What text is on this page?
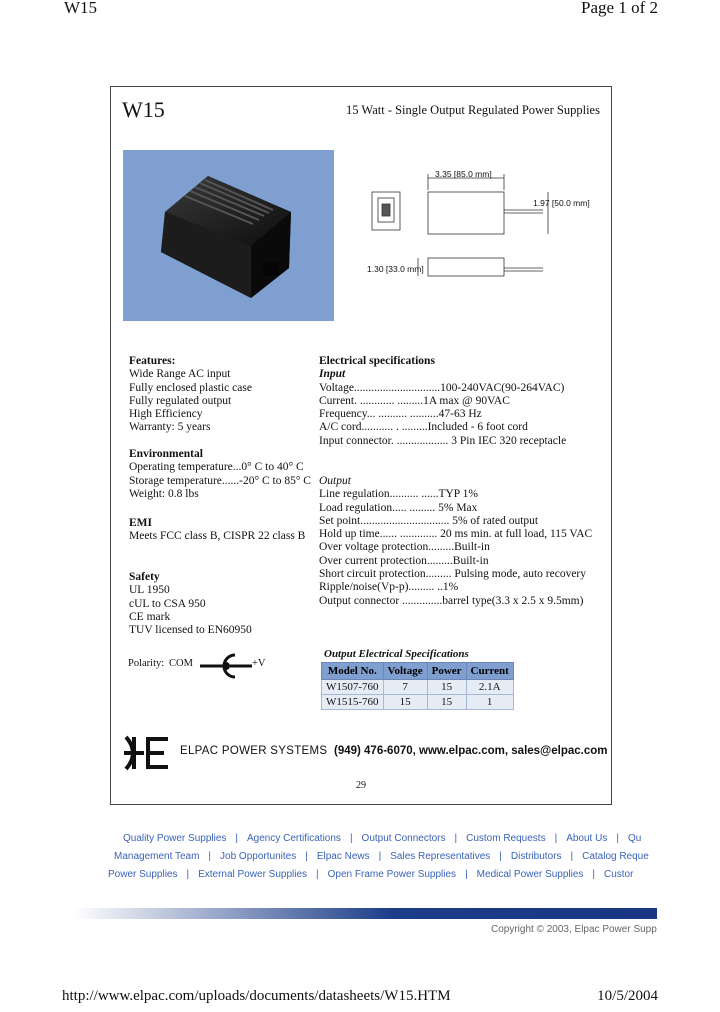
W15	Page 1 of 2
W15	15 Watt - Single Output Regulated Power Supplies
3.35 [85.0 mm]
1.97 [50.0 mm]
1.30 [33.0 mm]
Features:
Wide Range AC input
Fully enclosed plastic case
Fully regulated output
High Efficiency
Warranty: 5 years
Environmental
Operating temperature...0° C to 40° C
Storage temperature......-20° C to 85° C
Weight: 0.8 lbs
EMI
Meets FCC class B, CISPR 22 class B
Safety
UL 1950
cUL to CSA 950
CE mark
TUV licensed to EN60950
Polarity: COM	+V
Electrical specifications
Input
Voltage..............................100-240VAC(90-264VAC)
Current. ............ .........1A max @ 90VAC
Frequency... .......... ..........47-63 Hz
A/C cord........... . .........Included - 6 foot cord
Input connector. .................. 3 Pin IEC 320 receptacle
Output
Line regulation.......... ......TYP 1%
Load regulation..... ......... 5% Max
Set point............................... 5% of rated output
Hold up time...... ............. 20 ms min. at full load, 115 VAC
Over voltage protection.........Built-in
Over current protection.........Built-in
Short circuit protection......... Pulsing mode, auto recovery
Ripple/noise(Vp-p)......... ..1%
Output connector ..............barrel type(3.3 x 2.5 x 9.5mm)
Output Electrical Specifications
Model No.	Voltage	Power	Current
W1507-760	7	15	2.1A
W1515-760	15	15	1
ELPAC POWER SYSTEMS (949) 476-6070, www.elpac.com, sales@elpac.com
29
Quality Power Supplies | Agency Certifications | Output Connectors | Custom Requests | About Us | Qu
Management Team | Job Opportunites | Elpac News | Sales Representatives | Distributors | Catalog Reque
Power Supplies | External Power Supplies | Open Frame Power Supplies | Medical Power Supplies | Custor
Copyright © 2003, Elpac Power Supp
http://www.elpac.com/uploads/documents/datasheets/W15.HTM	10/5/2004
